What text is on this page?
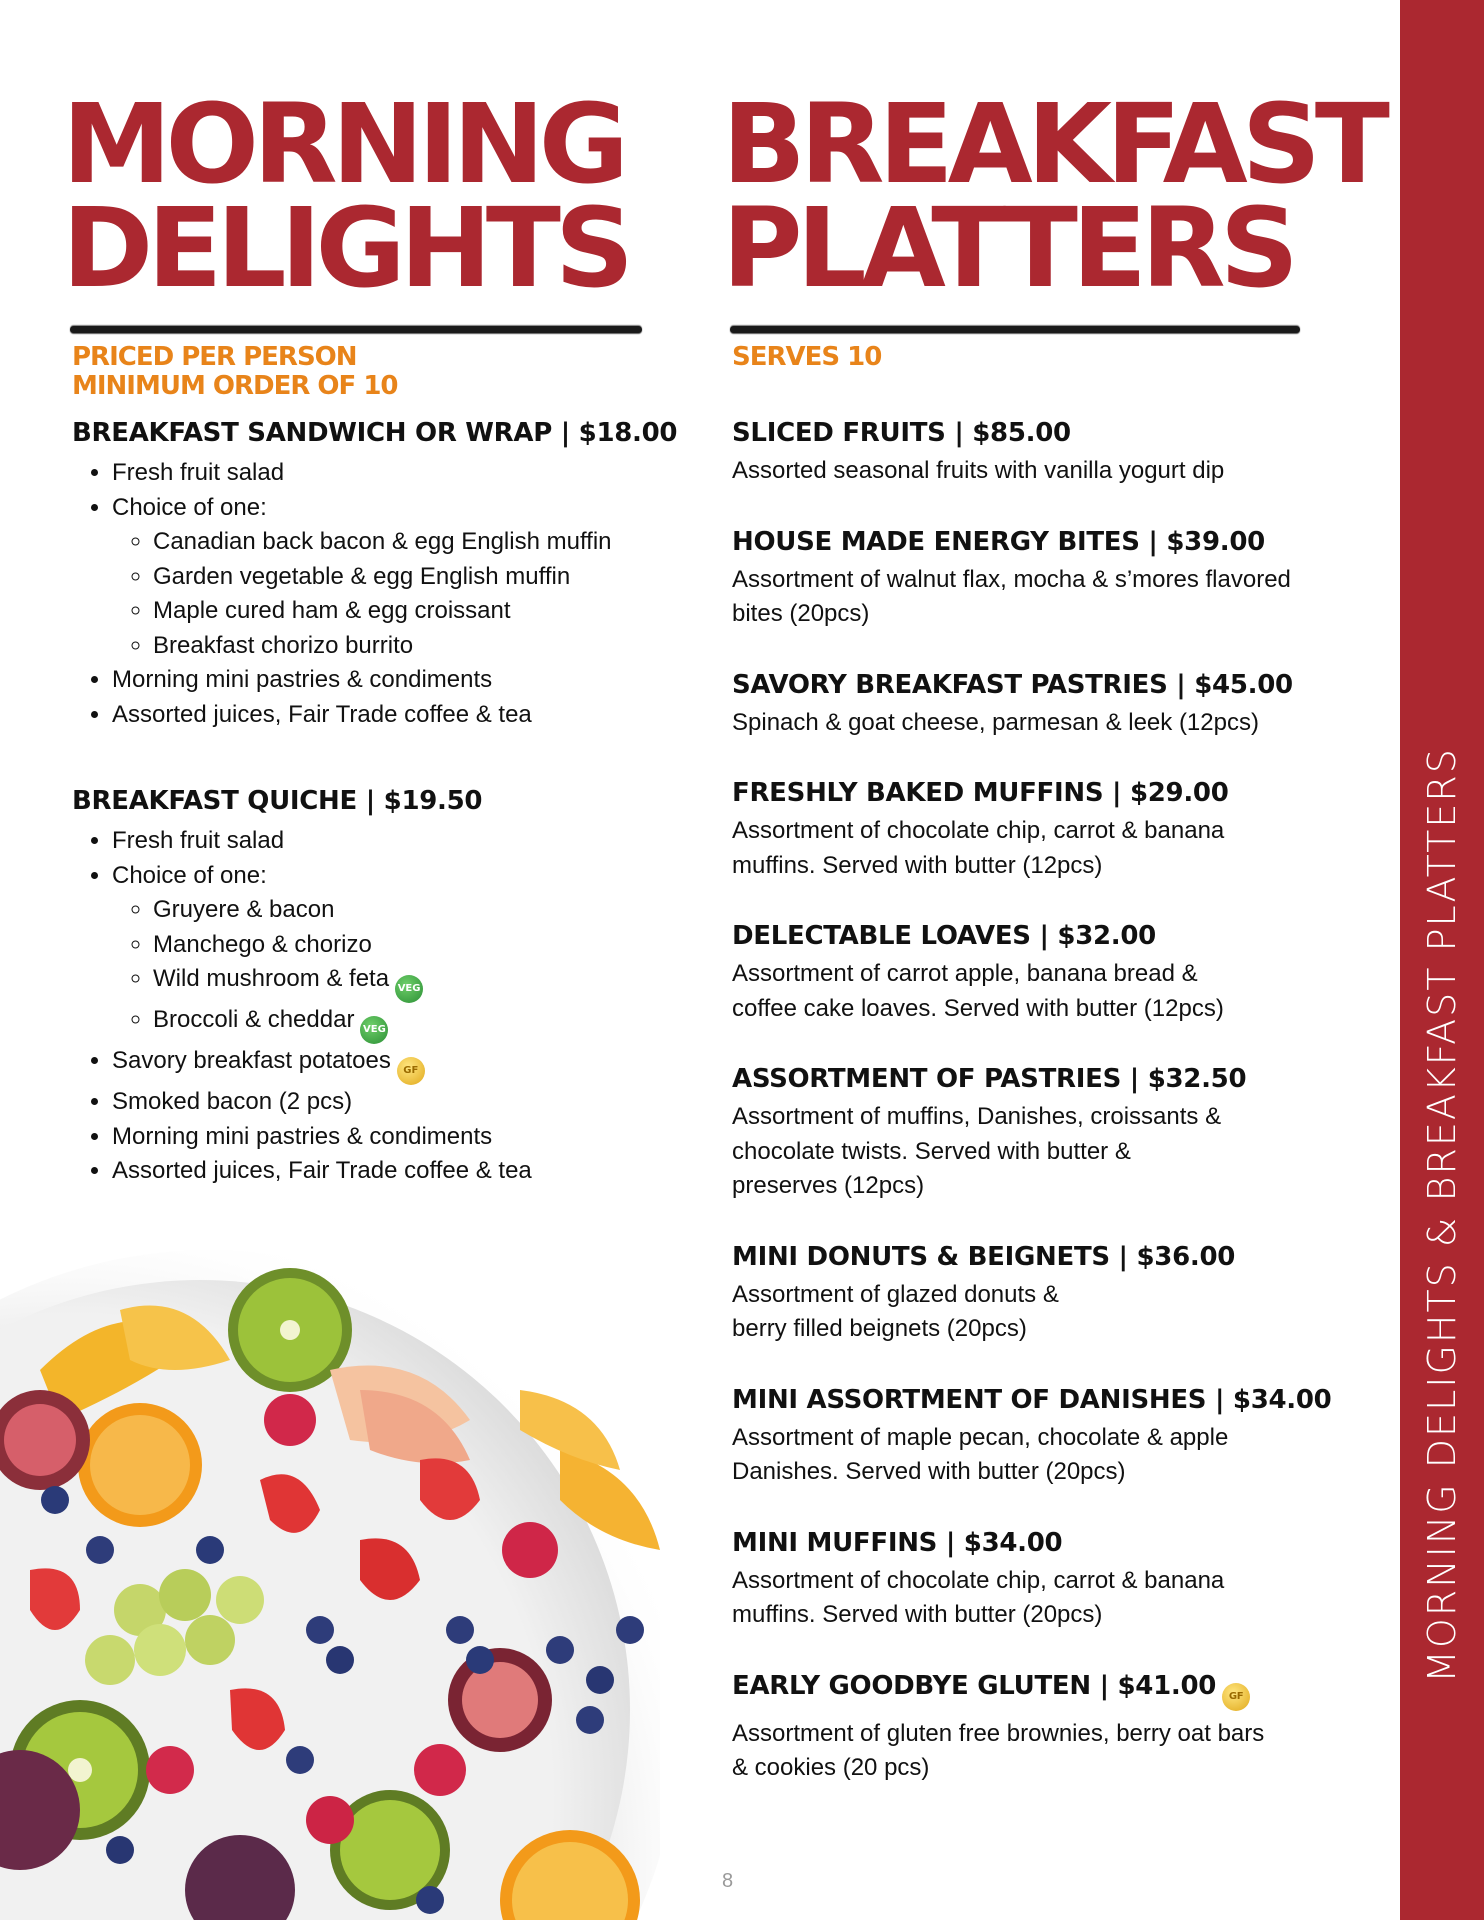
MORNING DELIGHTS & BREAKFAST PLATTERS
MORNING
DELIGHTS
BREAKFAST
PLATTERS
PRICED PER PERSON
MINIMUM ORDER OF 10
SERVES 10
BREAKFAST SANDWICH OR WRAP | $18.00
• Fresh fruit salad
• Choice of one:
◦ Canadian back bacon & egg English muffin
◦ Garden vegetable & egg English muffin
◦ Maple cured ham & egg croissant
◦ Breakfast chorizo burrito
• Morning mini pastries & condiments
• Assorted juices, Fair Trade coffee & tea
BREAKFAST QUICHE | $19.50
• Fresh fruit salad
• Choice of one:
◦ Gruyere & bacon
◦ Manchego & chorizo
◦ Wild mushroom & feta VEG
◦ Broccoli & cheddar VEG
• Savory breakfast potatoes GF
• Smoked bacon (2 pcs)
• Morning mini pastries & condiments
• Assorted juices, Fair Trade coffee & tea
SLICED FRUITS | $85.00

Assorted seasonal fruits with vanilla yogurt dip

HOUSE MADE ENERGY BITES | $39.00

Assortment of walnut flax, mocha & s’mores flavored
bites (20pcs)

SAVORY BREAKFAST PASTRIES | $45.00

Spinach & goat cheese, parmesan & leek (12pcs)

FRESHLY BAKED MUFFINS | $29.00

Assortment of chocolate chip, carrot & banana
muffins. Served with butter (12pcs)

DELECTABLE LOAVES | $32.00

Assortment of carrot apple, banana bread &
coffee cake loaves. Served with butter (12pcs)

ASSORTMENT OF PASTRIES | $32.50

Assortment of muffins, Danishes, croissants &
chocolate twists. Served with butter &
preserves (12pcs)

MINI DONUTS & BEIGNETS | $36.00

Assortment of glazed donuts &
berry filled beignets (20pcs)

MINI ASSORTMENT OF DANISHES | $34.00

Assortment of maple pecan, chocolate & apple
Danishes. Served with butter (20pcs)

MINI MUFFINS | $34.00

Assortment of chocolate chip, carrot & banana
muffins. Served with butter (20pcs)

EARLY GOODBYE GLUTEN | $41.00 GF

Assortment of gluten free brownies, berry oat bars
& cookies (20 pcs)

8
